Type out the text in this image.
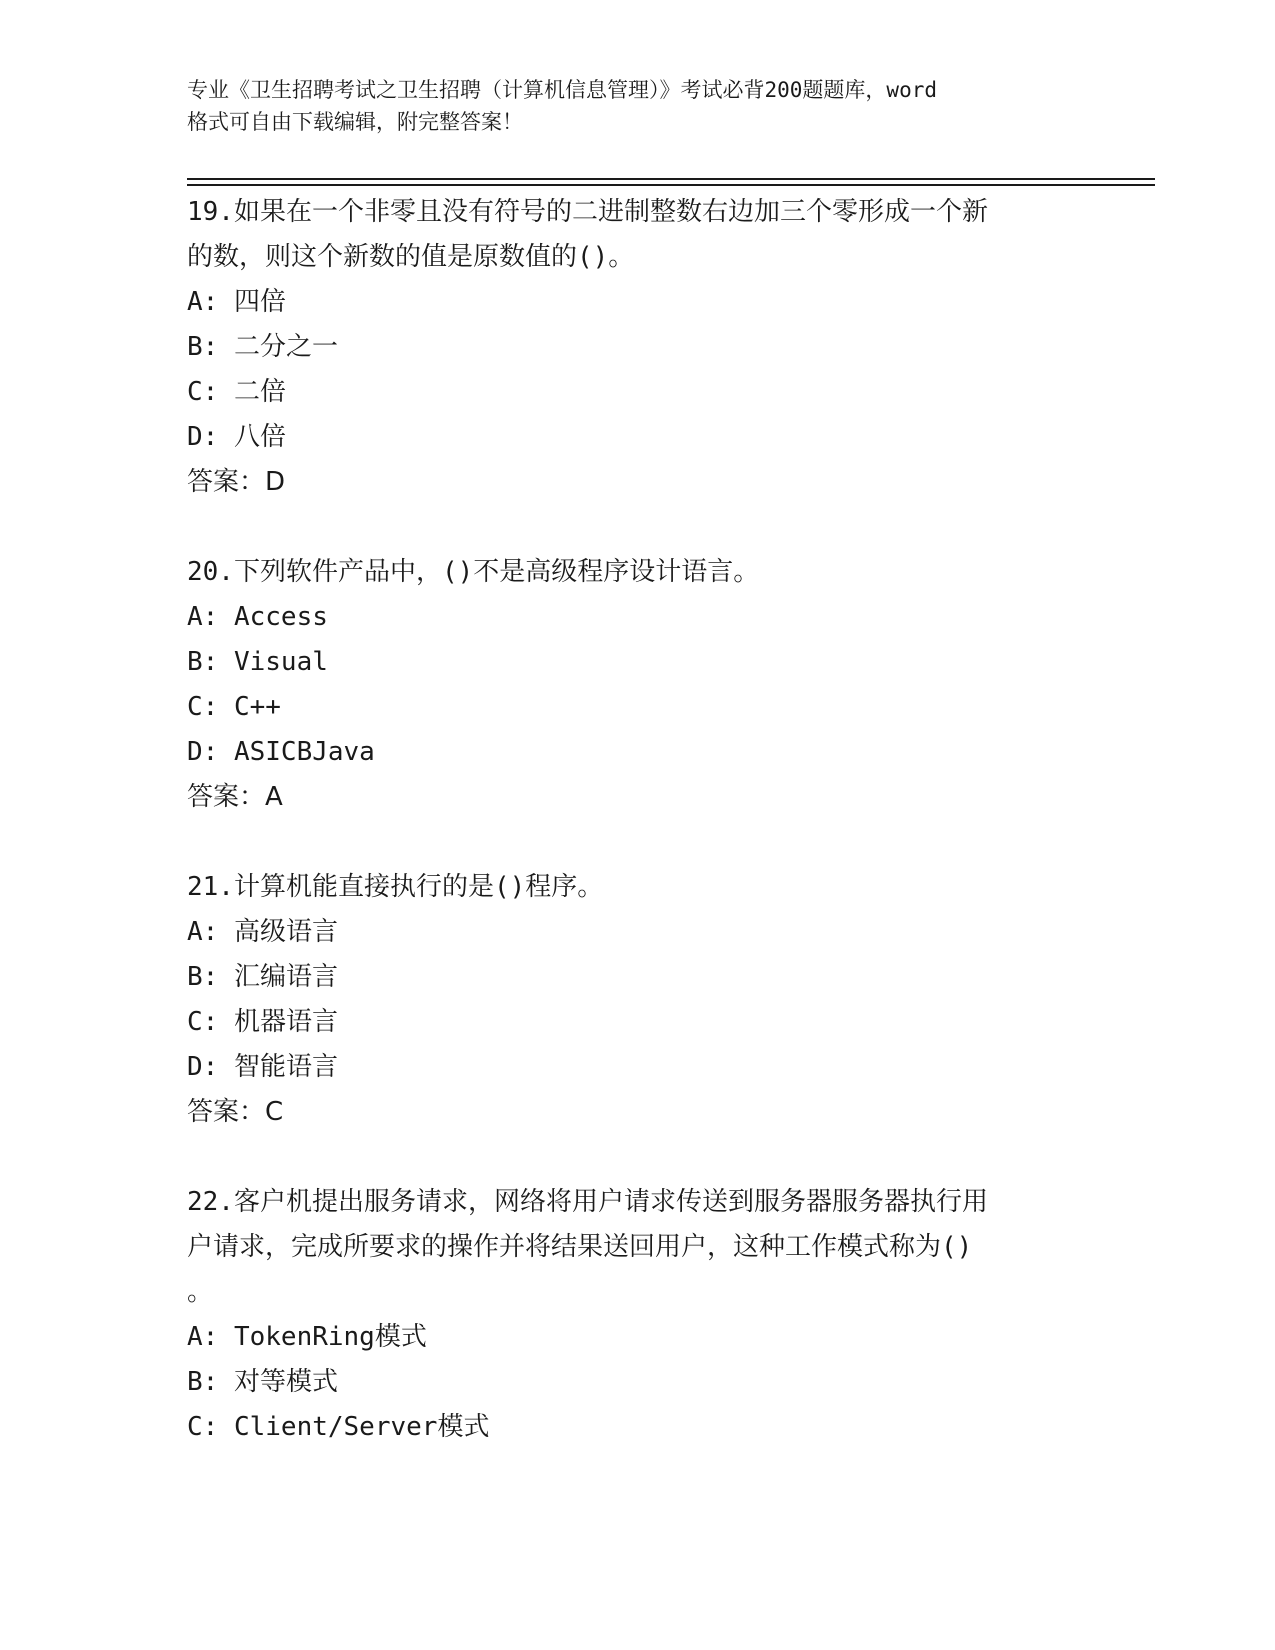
专业《卫生招聘考试之卫生招聘（计算机信息管理）》考试必背200题题库，word
格式可自由下载编辑，附完整答案！
19.如果在一个非零且没有符号的二进制整数右边加三个零形成一个新
的数，则这个新数的值是原数值的()。
A: 四倍
B: 二分之一
C: 二倍
D: 八倍
答案：D
20.下列软件产品中，()不是高级程序设计语言。
A: Access
B: Visual
C: C++
D: ASICBJava
答案：A
21.计算机能直接执行的是()程序。
A: 高级语言
B: 汇编语言
C: 机器语言
D: 智能语言
答案：C
22.客户机提出服务请求，网络将用户请求传送到服务器服务器执行用
户请求，完成所要求的操作并将结果送回用户，这种工作模式称为()
。
A: TokenRing模式
B: 对等模式
C: Client/Server模式
